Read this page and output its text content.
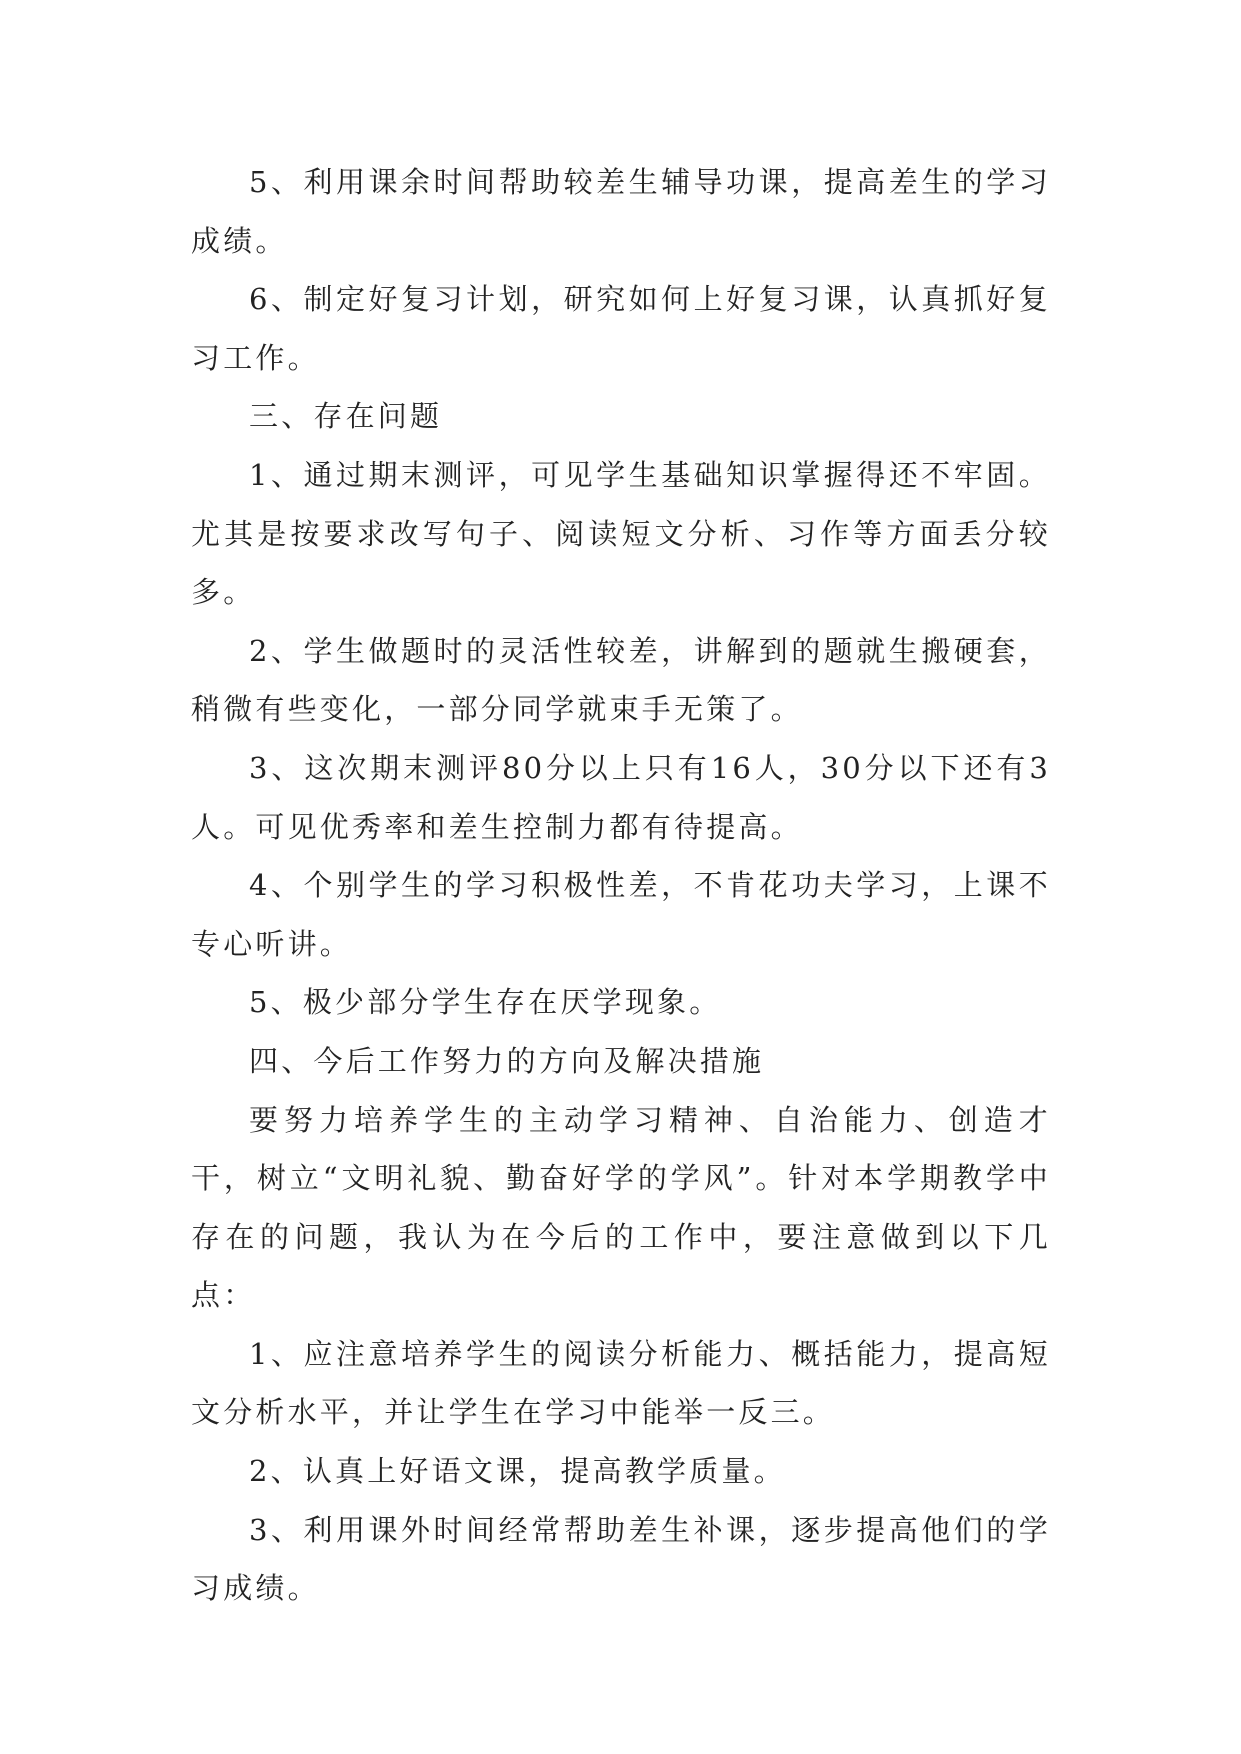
5、利用课余时间帮助较差生辅导功课，提高差生的学习成绩。

6、制定好复习计划，研究如何上好复习课，认真抓好复习工作。

三、存在问题

1、通过期末测评，可见学生基础知识掌握得还不牢固。尤其是按要求改写句子、阅读短文分析、习作等方面丢分较多。

2、学生做题时的灵活性较差，讲解到的题就生搬硬套，稍微有些变化，一部分同学就束手无策了。

3、这次期末测评80分以上只有16人，30分以下还有3人。可见优秀率和差生控制力都有待提高。

4、个别学生的学习积极性差，不肯花功夫学习，上课不专心听讲。

5、极少部分学生存在厌学现象。

四、今后工作努力的方向及解决措施

要努力培养学生的主动学习精神、自治能力、创造才干，树立“文明礼貌、勤奋好学的学风”。针对本学期教学中存在的问题，我认为在今后的工作中，要注意做到以下几点：

1、应注意培养学生的阅读分析能力、概括能力，提高短文分析水平，并让学生在学习中能举一反三。

2、认真上好语文课，提高教学质量。

3、利用课外时间经常帮助差生补课，逐步提高他们的学习成绩。
